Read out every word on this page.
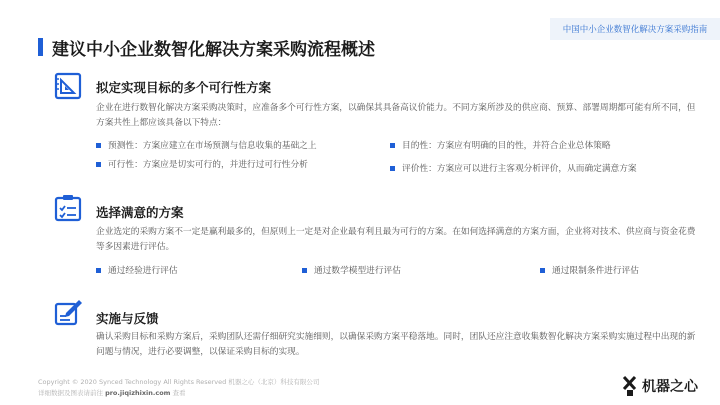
中国中小企业数智化解决方案采购指南
建议中小企业数智化解决方案采购流程概述
拟定实现目标的多个可行性方案
企业在进行数智化解决方案采购决策时，应准备多个可行性方案，以确保其具备高议价能力。不同方案所涉及的供应商、预算、部署周期都可能有所不同，但方案共性上都应该具备以下特点：
预测性：方案应建立在市场预测与信息收集的基础之上	目的性：方案应有明确的目的性，并符合企业总体策略
可行性：方案应是切实可行的，并进行过可行性分析	评价性：方案应可以进行主客观分析评价，从而确定满意方案
选择满意的方案
企业选定的采购方案不一定是赢利最多的，但原则上一定是对企业最有利且最为可行的方案。在如何选择满意的方案方面，企业将对技术、供应商与资金花费等多因素进行评估。
通过经验进行评估	通过数学模型进行评估	通过限制条件进行评估
实施与反馈
确认采购目标和采购方案后，采购团队还需仔细研究实施细则，以确保采购方案平稳落地。同时，团队还应注意收集数智化解决方案采购实施过程中出现的新问题与情况，进行必要调整，以保证采购目标的实现。
Copyright © 2020 Synced Technology All Rights Reserved 机器之心（北京）科技有限公司
详细数据及图表请前往 pro.jiqizhixin.com 查看	机器之心
